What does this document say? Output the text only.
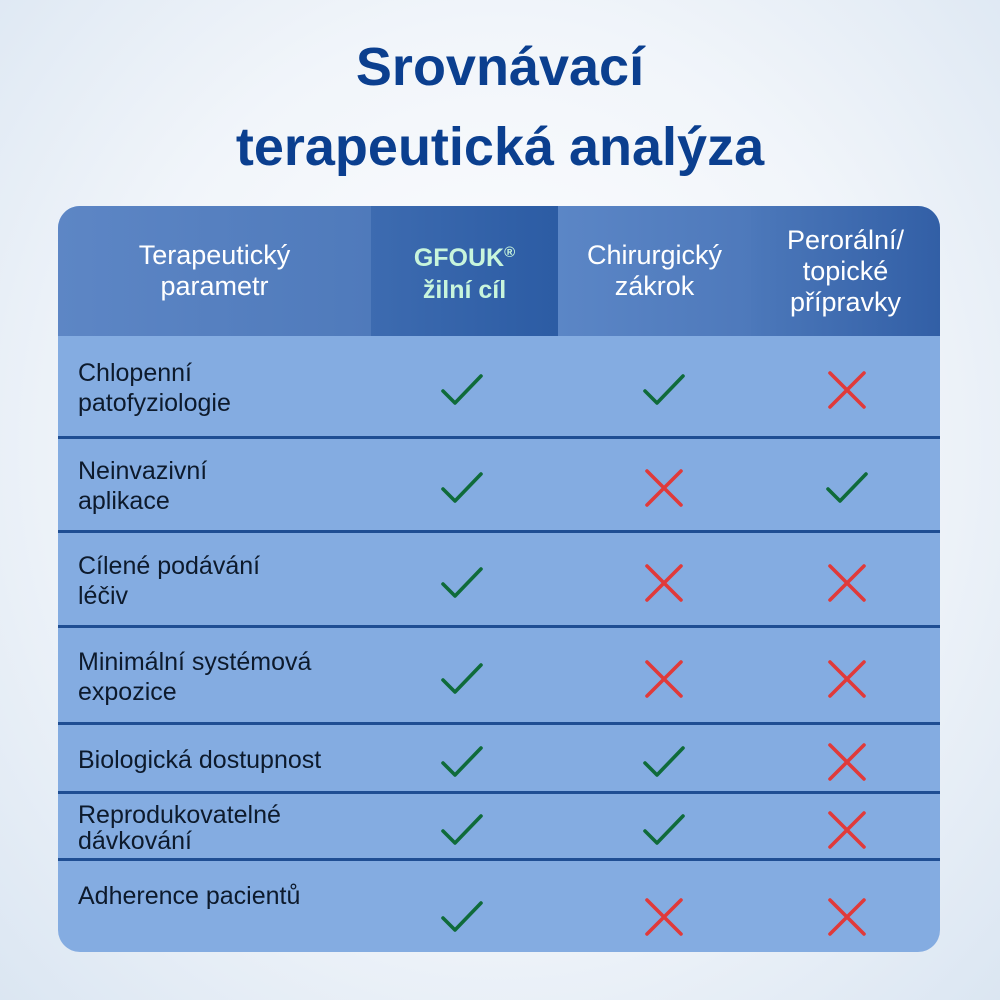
Srovnávací
terapeutická analýza
Terapeutický
parametr
GFOUK®
žilní cíl
Chirurgický
zákrok
Perorální/
topické
přípravky
Chlopenní
patofyziologie
Neinvazivní
aplikace
Cílené podávání
léčiv
Minimální systémová
expozice
Biologická dostupnost
Reprodukovatelné
dávkování
Adherence pacientů
